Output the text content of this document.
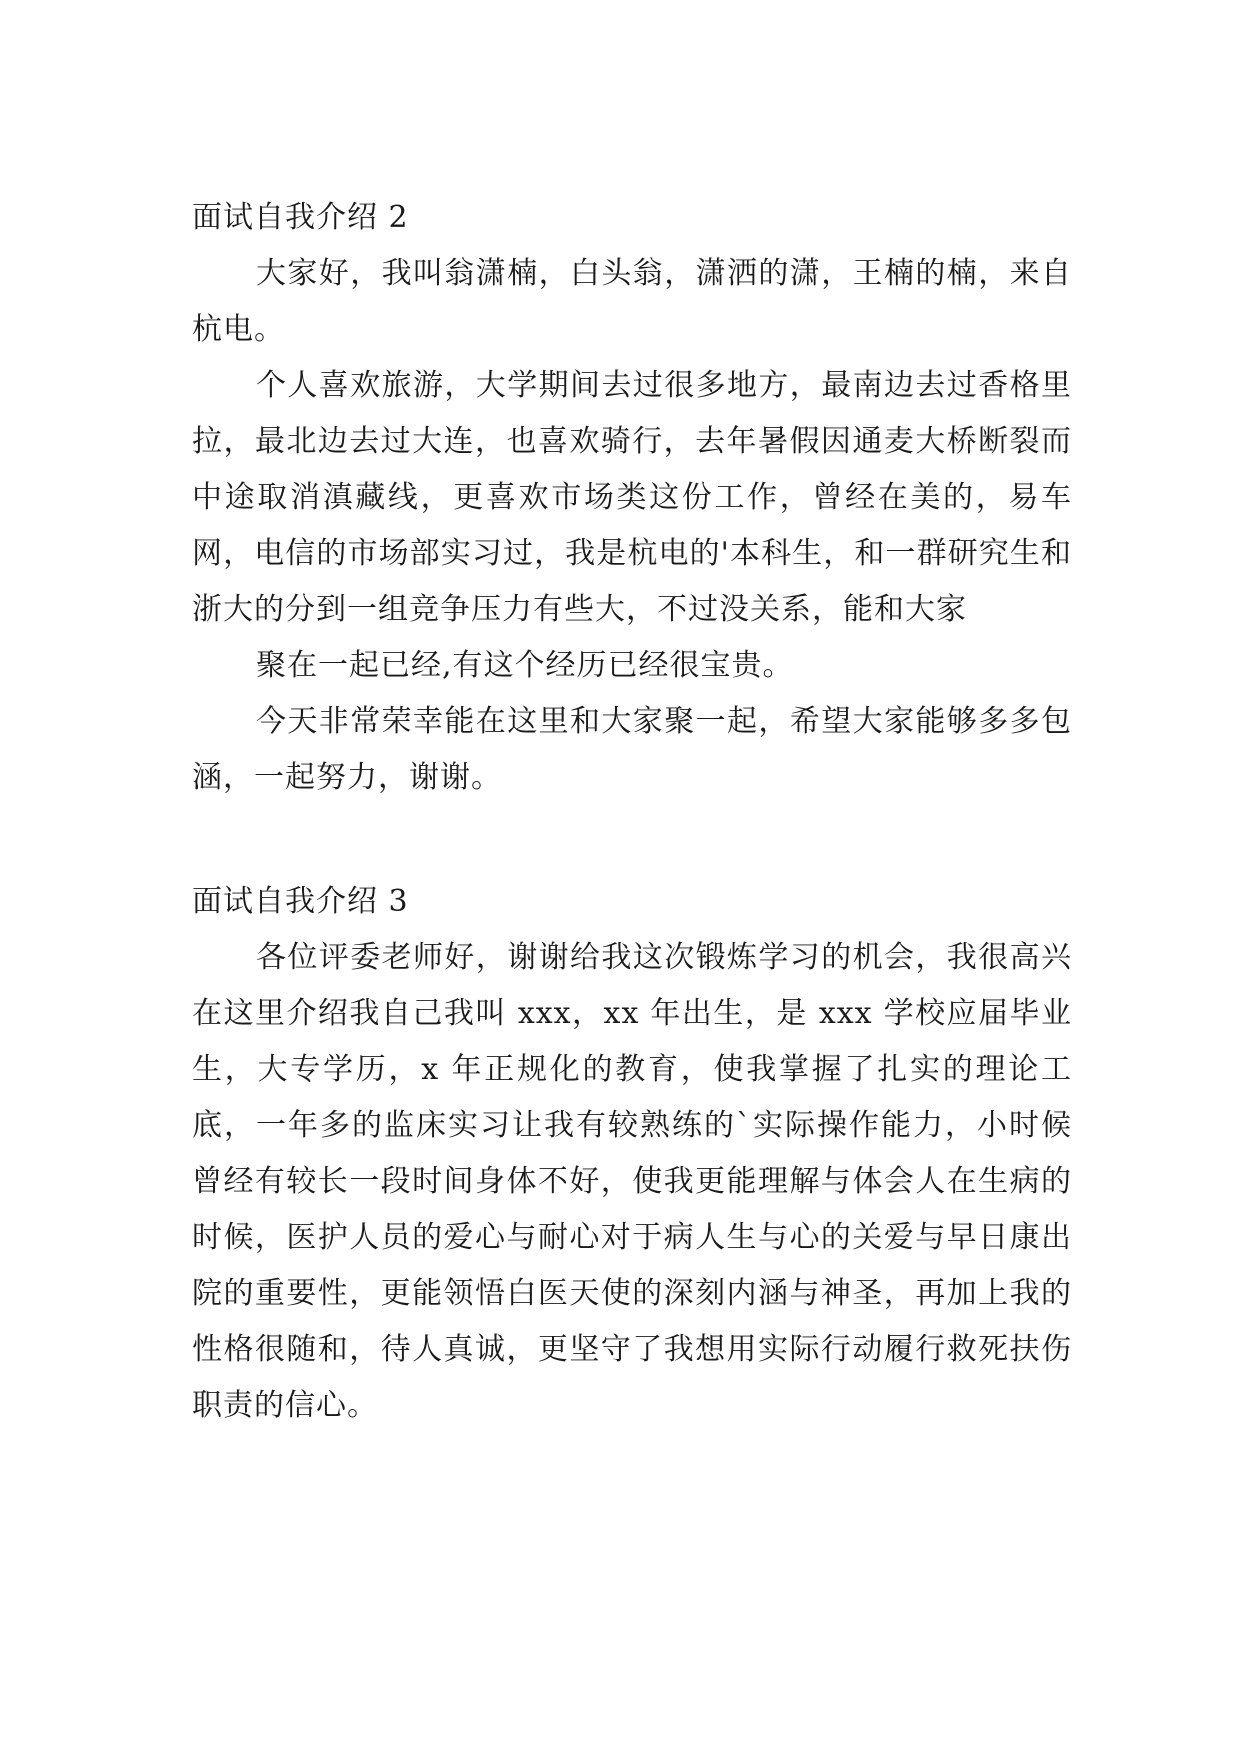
面试自我介绍 2

大家好，我叫翁潇楠，白头翁，潇洒的潇，王楠的楠，来自杭电。

个人喜欢旅游，大学期间去过很多地方，最南边去过香格里拉，最北边去过大连，也喜欢骑行，去年暑假因通麦大桥断裂而中途取消滇藏线，更喜欢市场类这份工作，曾经在美的，易车网，电信的市场部实习过，我是杭电的'本科生，和一群研究生和浙大的分到一组竞争压力有些大，不过没关系，能和大家

聚在一起已经,有这个经历已经很宝贵。

今天非常荣幸能在这里和大家聚一起，希望大家能够多多包涵，一起努力，谢谢。

面试自我介绍 3

各位评委老师好，谢谢给我这次锻炼学习的机会，我很高兴在这里介绍我自己我叫 xxx，xx 年出生，是 xxx 学校应届毕业生，大专学历，x 年正规化的教育，使我掌握了扎实的理论工底，一年多的监床实习让我有较熟练的`实际操作能力，小时候曾经有较长一段时间身体不好，使我更能理解与体会人在生病的时候，医护人员的爱心与耐心对于病人生与心的关爱与早日康出院的重要性，更能领悟白医天使的深刻内涵与神圣，再加上我的性格很随和，待人真诚，更坚守了我想用实际行动履行救死扶伤职责的信心。
